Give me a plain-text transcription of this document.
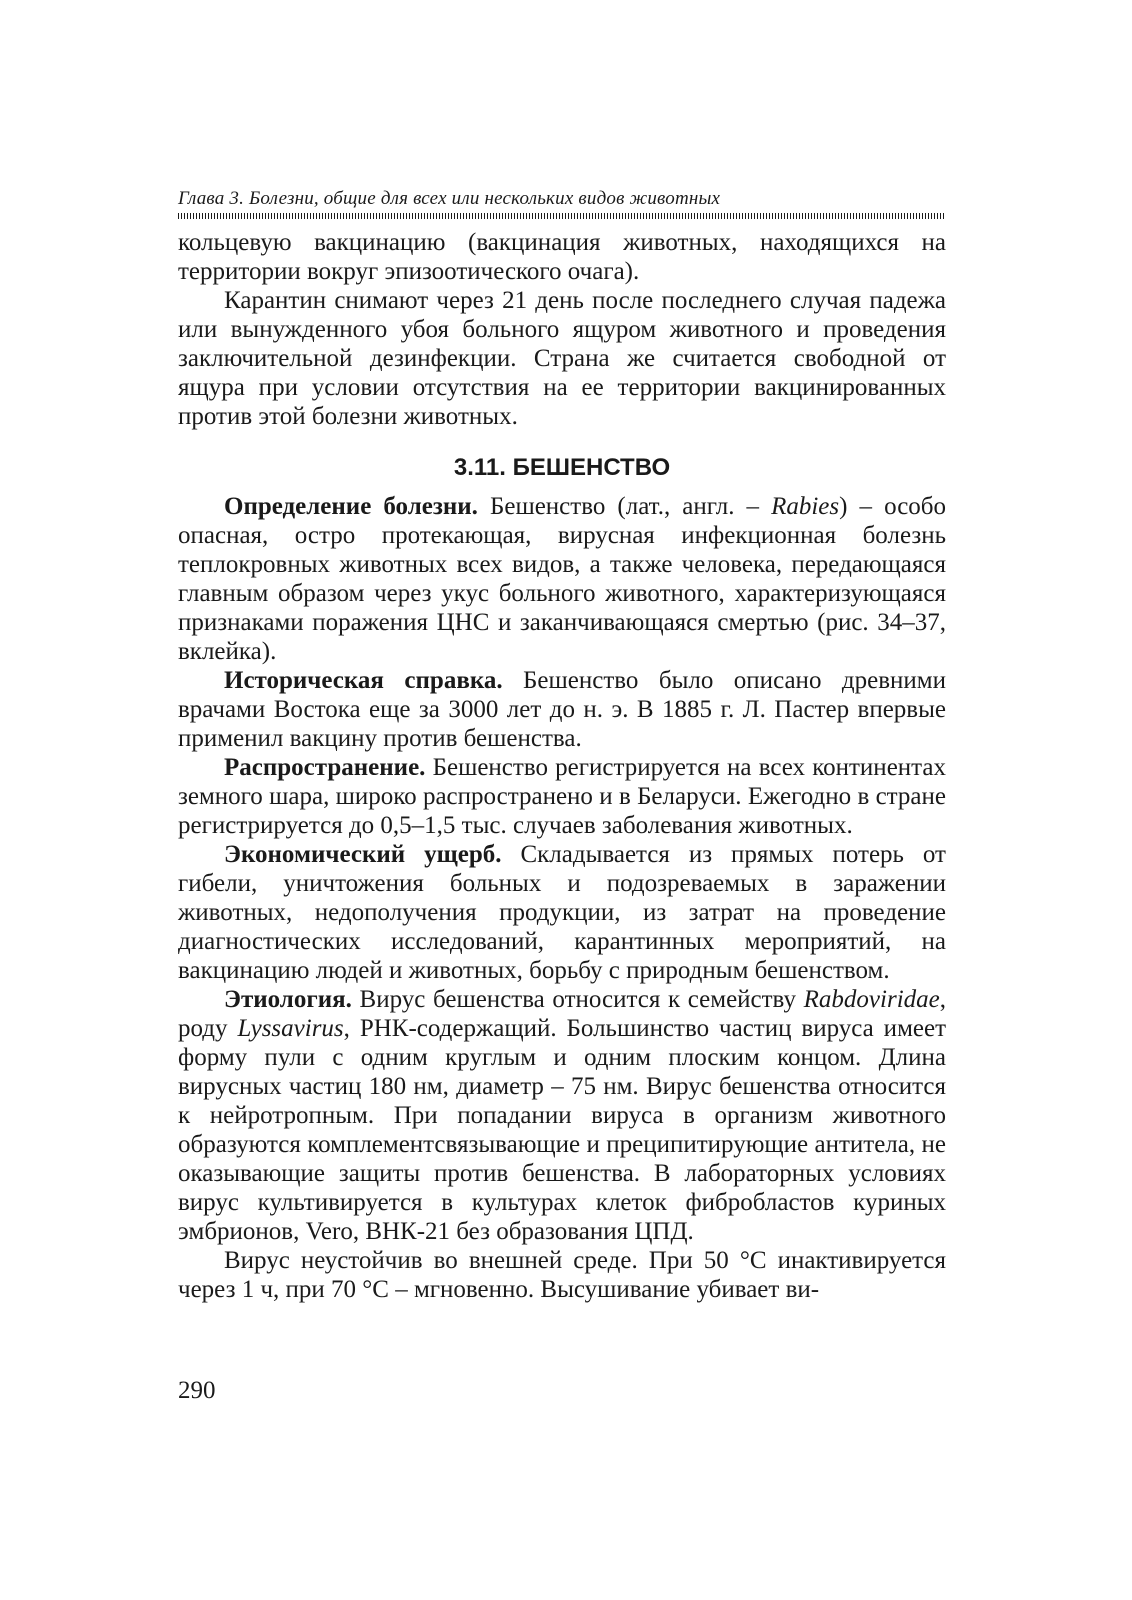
Глава 3. Болезни, общие для всех или нескольких видов животных

кольцевую вакцинацию (вакцинация животных, находящихся на территории вокруг эпизоотического очага).

Карантин снимают через 21 день после последнего случая падежа или вынужденного убоя больного ящуром животного и проведения заключительной дезинфекции. Страна же считается свободной от ящура при условии отсутствия на ее территории вакцинированных против этой болезни животных.

3.11. БЕШЕНСТВО

Определение болезни. Бешенство (лат., англ. – Rabies) – особо опасная, остро протекающая, вирусная инфекционная болезнь теплокровных животных всех видов, а также человека, передающаяся главным образом через укус больного животного, характеризующаяся признаками поражения ЦНС и заканчивающаяся смертью (рис. 34–37, вклейка).

Историческая справка. Бешенство было описано древними врачами Востока еще за 3000 лет до н. э. В 1885 г. Л. Пастер впервые применил вакцину против бешенства.

Распространение. Бешенство регистрируется на всех континентах земного шара, широко распространено и в Беларуси. Ежегодно в стране регистрируется до 0,5–1,5 тыс. случаев заболевания животных.

Экономический ущерб. Складывается из прямых потерь от гибели, уничтожения больных и подозреваемых в заражении животных, недополучения продукции, из затрат на проведение диагностических исследований, карантинных мероприятий, на вакцинацию людей и животных, борьбу с природным бешенством.

Этиология. Вирус бешенства относится к семейству Rabdoviridae, роду Lyssavirus, РНК-содержащий. Большинство частиц вируса имеет форму пули с одним круглым и одним плоским концом. Длина вирусных частиц 180 нм, диаметр – 75 нм. Вирус бешенства относится к нейротропным. При попадании вируса в организм животного образуются комплементсвязывающие и преципитирующие антитела, не оказывающие защиты против бешенства. В лабораторных условиях вирус культивируется в культурах клеток фибробластов куриных эмбрионов, Vero, ВНК-21 без образования ЦПД.

Вирус неустойчив во внешней среде. При 50 °С инактивируется через 1 ч, при 70 °С – мгновенно. Высушивание убивает ви-

290
